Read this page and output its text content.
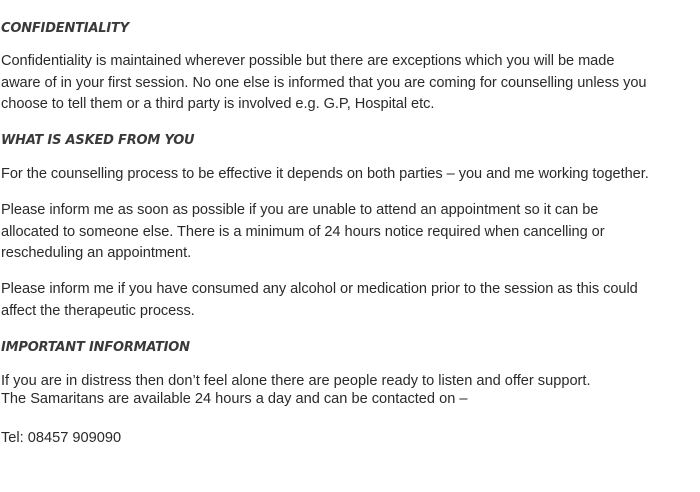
CONFIDENTIALITY

Confidentiality is maintained wherever possible but there are exceptions which you will be made
aware of in your first session. No one else is informed that you are coming for counselling unless you
choose to tell them or a third party is involved e.g. G.P, Hospital etc.

WHAT IS ASKED FROM YOU

For the counselling process to be effective it depends on both parties – you and me working together.

Please inform me as soon as possible if you are unable to attend an appointment so it can be
allocated to someone else. There is a minimum of 24 hours notice required when cancelling or
rescheduling an appointment.

Please inform me if you have consumed any alcohol or medication prior to the session as this could
affect the therapeutic process.

IMPORTANT INFORMATION
If you are in distress then don’t feel alone there are people ready to listen and offer support.
The Samaritans are available 24 hours a day and can be contacted on –
Tel: 08457 909090
